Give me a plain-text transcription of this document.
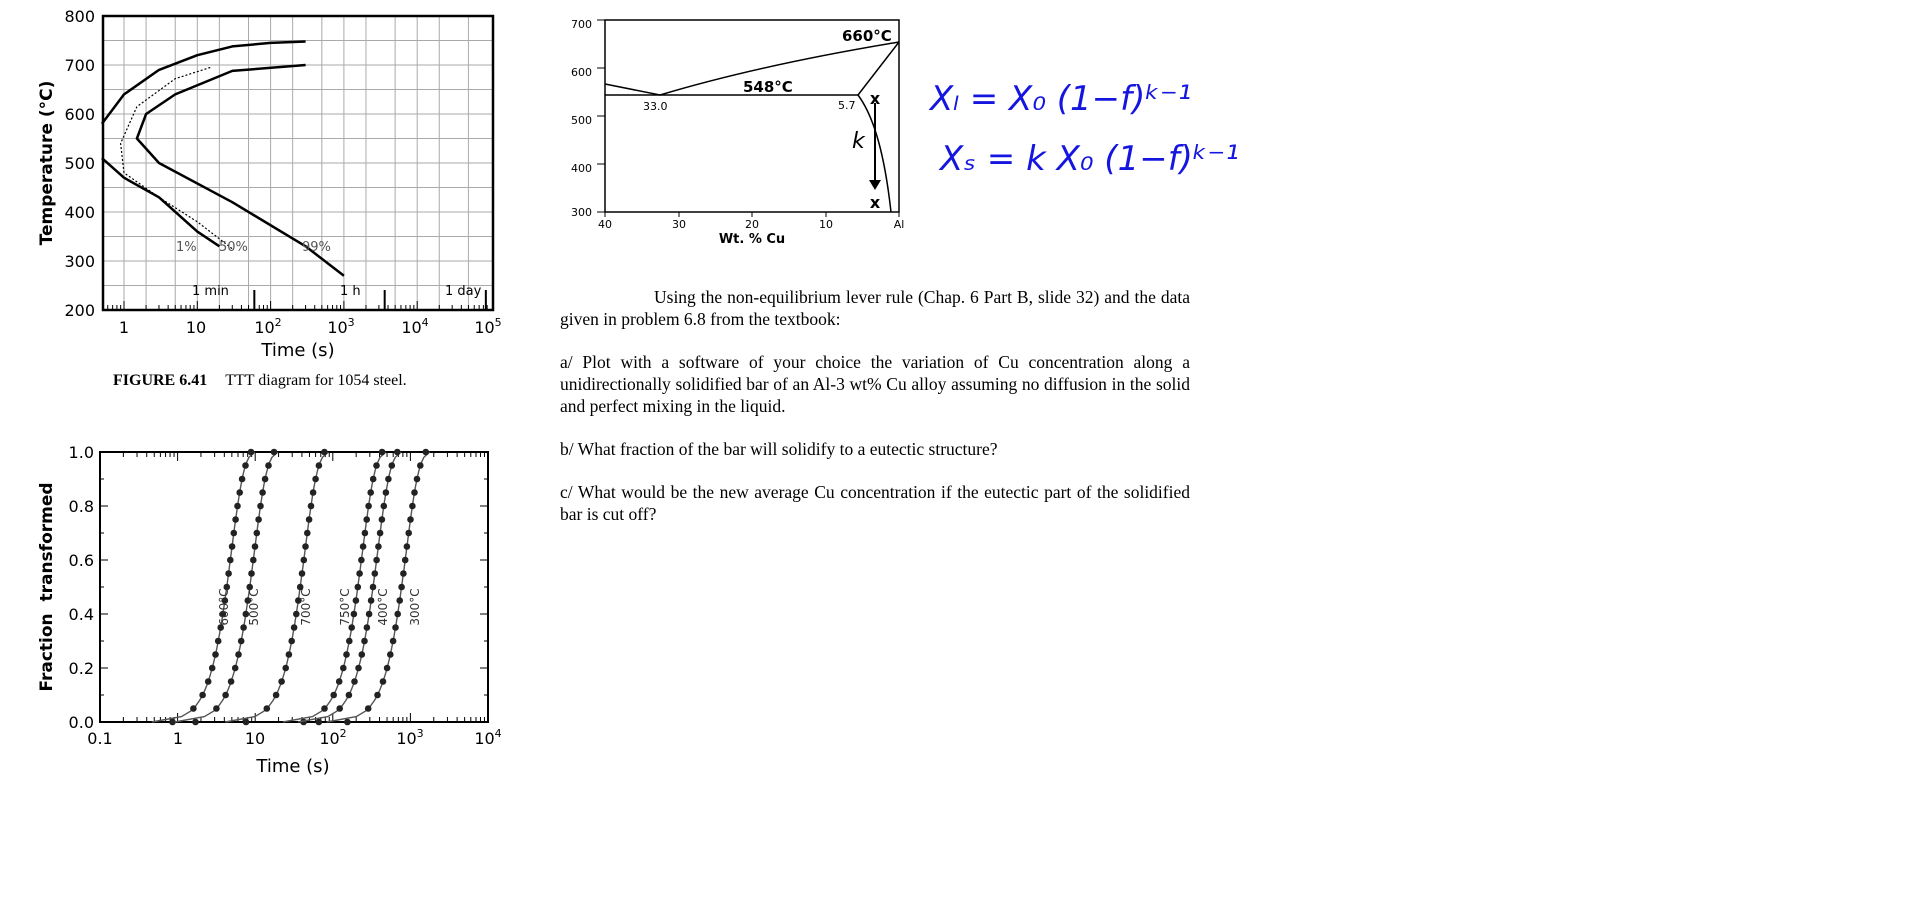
800
700
600
500
400
300
200
1	10	$10^2$	$10^3$	$10^4$	$10^5$
Time (s)
Temperature (°C)
1 min	1 h	1 day
1% 50%	99%
FIGURE 6.41 TTT diagram for 1054 steel.
700
600
500
400
300
40	30	20	10	Al
Wt. % Cu
660°C
548°C
33.0	5.7
k
x
x
Xₗ = X₀ (1−f)ᵏ⁻¹
Xₛ = k X₀ (1−f)ᵏ⁻¹

Using the non-equilibrium lever rule (Chap. 6 Part B, slide 32) and the data given in problem 6.8 from the textbook:

a/ Plot with a software of your choice the variation of Cu concentration along a unidirectionally solidified bar of an Al-3 wt% Cu alloy assuming no diffusion in the solid and perfect mixing in the liquid.

b/ What fraction of the bar will solidify to a eutectic structure?

c/ What would be the new average Cu concentration if the eutectic part of the solidified bar is cut off?

1.0
0.8
0.6
0.4
0.2
0.0
0.1	1	10	$10^2$	$10^3$	$10^4$
Time (s)
Fraction  transformed	600°C 500°C	700°C 750°C 400°C 300°C
